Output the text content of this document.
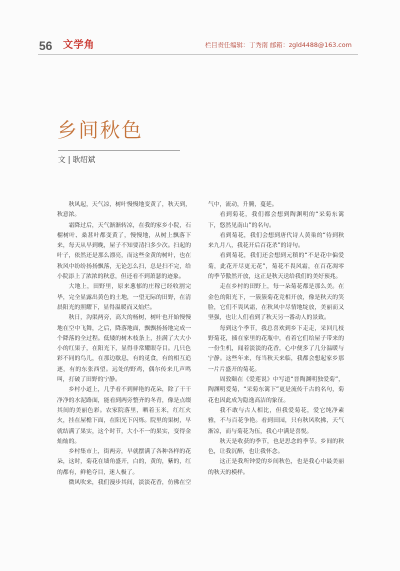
56 文学角	栏目责任编辑：丁秀南 邮箱：zgld4488@163.com
乡间秋色
文 | 耿绍斌

秋风起，天气凉，树叶慢慢地变黄了，秋天到，秋意浓。

霜降过后，天气渐渐转凉，在我的家乡小院，石榴树叶、桑葚叶都变黄了，慢慢地，从树上飘落下来，每天从早到晚，屋子不知要清扫多少次。扫起的叶子，依然还是那么漂亮，而这些金黄的树叶，也在秋风中纷纷扬扬飘落，无论怎么扫，总是扫不完，给小院添上了浓浓的秋意，但还看不到萧瑟的迹象。

大地上，田野里，原来葱郁的庄稼已经收割完毕，完全显露出黄色的土地，一望无际的田野，在清晨阳光的照耀下，显得温暖而又灿烂。

秋日，沟渠两旁，高大的杨树，树叶也开始慢慢地在空中飞舞，之后，降落地面，飘飘扬扬地完成一个降落的全过程。低矮的树木枝条上，挂满了大大小小的红果子，在阳光下，显得非常耀眼夺目。几只色彩不同的鸟儿，在那边歇息，有的觅食，有的相互追逐，有的东张西望。远处的野鸡，偶尔传来几声鸣叫，打破了田野的宁静。

乡村小道上，几乎看不到鲜艳的花朵，除了干干净净的水泥路面，能看到两旁整齐的冬青，像是点缀其间的美丽色彩。农家院落里，晒着玉米，红红火火，挂在屋檐下面，在阳光下闪烁。院里的果树，早就结满了果实，这个时节，大小不一的果实，变得金灿灿的。

乡村集市上，街两旁，早就摆满了各种各样的花朵，这时，菊花在墙角盛开，白的，黄的，紫的，红的都有，鲜艳夺目，迷人极了。

微风吹来，我们漫步其间，淡淡花香，仿佛在空

气中，流动，升腾，蔓延。

看到菊花，我们都会想到陶渊明的“采菊东篱下，悠然见南山”的名句。

看到菊花，我们会想到唐代诗人黄巢的“待到秋来九月八，我花开后百花杀”的诗句。

看到菊花，我们还会想到元稹的“不是花中偏爱菊，此花开尽更无花”，菊花不畏风霜，在百花凋零的季节傲然开放，这正是秋天送给我们的美好预兆。

走在乡村的田野上，每一朵菊花都是那么美。在金色的阳光下，一簇簇菊花竞相开放，像是秋天的笑脸，它们不畏风霜，在秋风中尽情地绽放，美丽而又坚强，也让人们看到了秋天另一番动人的景致。

每到这个季节，我总喜欢到乡下走走，采回几枝野菊花，插在家里的花瓶中，看着它们给屋子带来的一份生机，闻着淡淡的花香，心中便多了几分温暖与宁静。这些年来，每当秋天来临，我都会想起家乡那一片片盛开的菊花。

周敦颐在《爱莲说》中写道“晋陶渊明独爱菊”，陶渊明爱菊，“采菊东篱下”更是流传千古的名句，菊花也因此成为隐逸高洁的象征。

我不敢与古人相比，但我爱菊花，爱它纯净素雅，不与百花争艳。看到田园，只有秋风吹拂，天气渐凉，而与菊花为伍，我心中满是喜悦。

秋天是收获的季节，也是思念的季节。乡间的秋色，让我沉醉，也让我怀念。

这正是我所钟爱的乡间秋色，也是我心中最美丽的秋天的模样。
